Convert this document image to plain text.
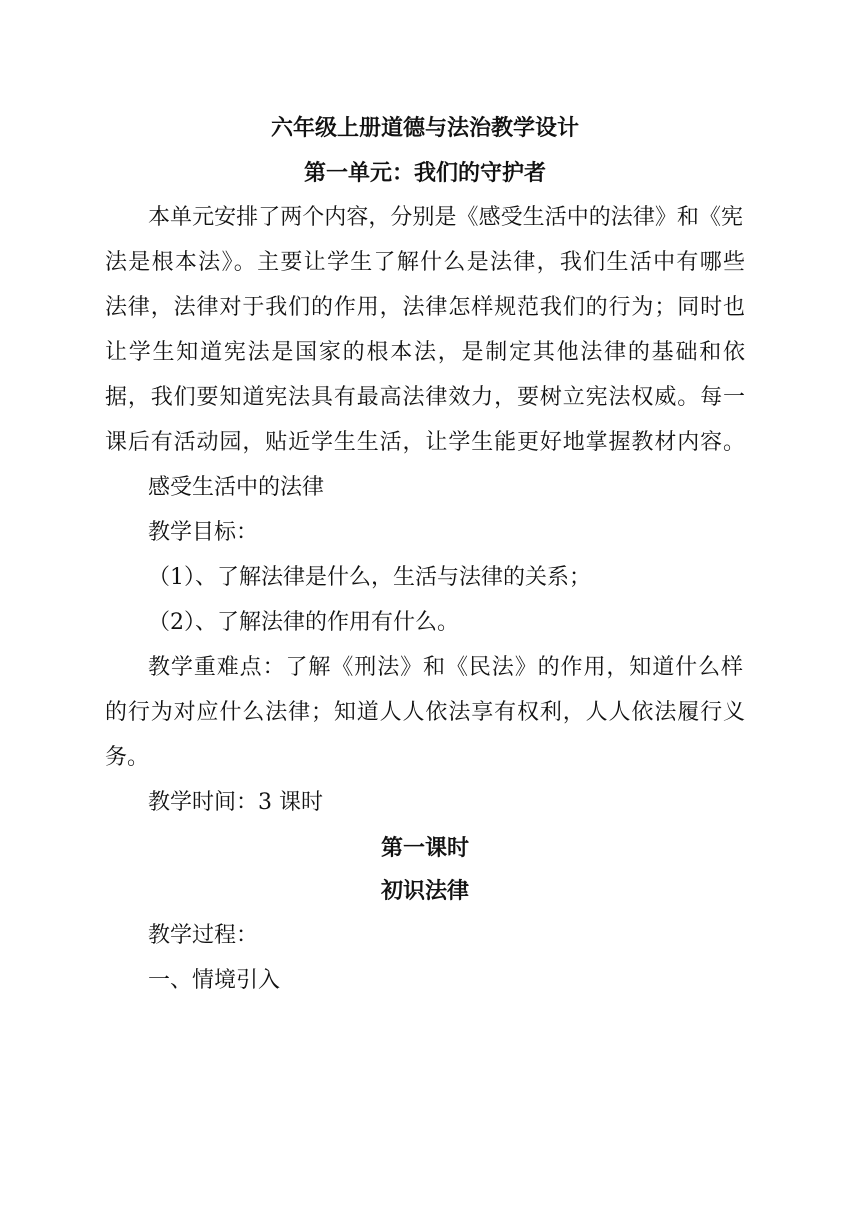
六年级上册道德与法治教学设计
第一单元：我们的守护者
本单元安排了两个内容，分别是《感受生活中的法律》和《宪
法是根本法》。主要让学生了解什么是法律，我们生活中有哪些
法律，法律对于我们的作用，法律怎样规范我们的行为；同时也
让学生知道宪法是国家的根本法，是制定其他法律的基础和依
据，我们要知道宪法具有最高法律效力，要树立宪法权威。每一
课后有活动园，贴近学生生活，让学生能更好地掌握教材内容。
感受生活中的法律
教学目标：
（1）、了解法律是什么，生活与法律的关系；
（2）、了解法律的作用有什么。
教学重难点：了解《刑法》和《民法》的作用，知道什么样
的行为对应什么法律；知道人人依法享有权利，人人依法履行义
务。
教学时间：3 课时
第一课时
初识法律
教学过程：
一、情境引入
